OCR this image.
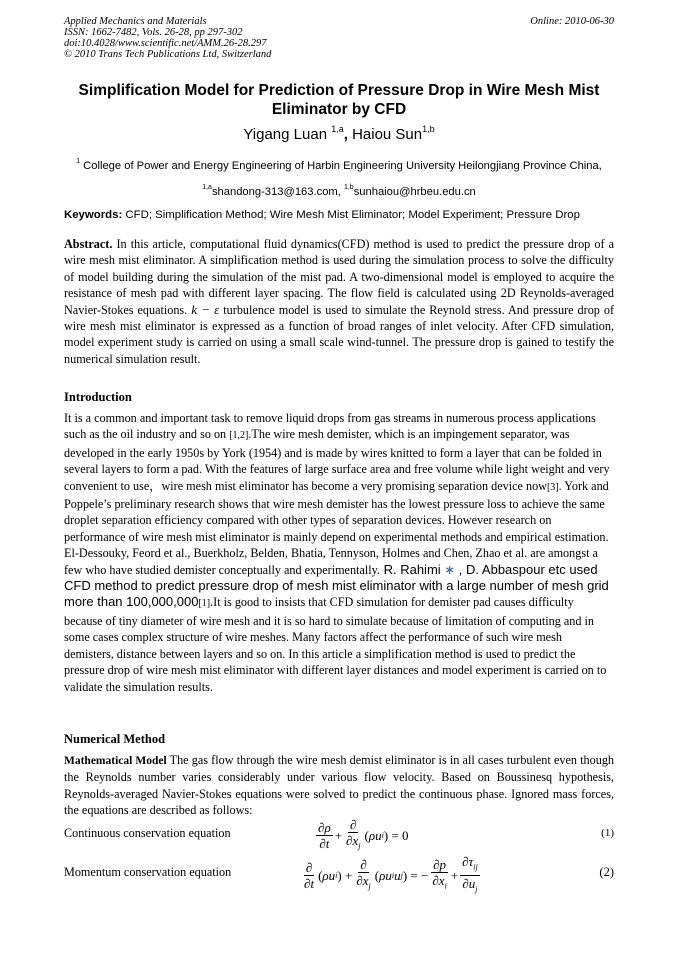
Applied Mechanics and Materials
ISSN: 1662-7482, Vols. 26-28, pp 297-302
doi:10.4028/www.scientific.net/AMM.26-28.297
© 2010 Trans Tech Publications Ltd, Switzerland
Online: 2010-06-30
Simplification Model for Prediction of Pressure Drop in Wire Mesh Mist Eliminator by CFD
Yigang Luan $^{1,a}$, Haiou Sun$^{1,b}$
$^1$ College of Power and Energy Engineering of Harbin Engineering University Heilongjiang Province China,
$^{1,a}$shandong-313@163.com, $^{1,b}$sunhaiou@hrbeu.edu.cn
Keywords: CFD; Simplification Method; Wire Mesh Mist Eliminator; Model Experiment; Pressure Drop
Abstract. In this article, computational fluid dynamics(CFD) method is used to predict the pressure drop of a wire mesh mist eliminator. A simplification method is used during the simulation process to solve the difficulty of model building during the simulation of the mist pad. A two-dimensional model is employed to acquire the resistance of mesh pad with different layer spacing. The flow field is calculated using 2D Reynolds-averaged Navier-Stokes equations. k − ε turbulence model is used to simulate the Reynold stress. And pressure drop of wire mesh mist eliminator is expressed as a function of broad ranges of inlet velocity. After CFD simulation, model experiment study is carried on using a small scale wind-tunnel. The pressure drop is gained to testify the numerical simulation result.
Introduction
It is a common and important task to remove liquid drops from gas streams in numerous process applications such as the oil industry and so on [1,2].The wire mesh demister, which is an impingement separator, was developed in the early 1950s by York (1954) and is made by wires knitted to form a layer that can be folded in several layers to form a pad. With the features of large surface area and free volume while light weight and very convenient to use，wire mesh mist eliminator has become a very promising separation device now[3]. York and Poppele’s preliminary research shows that wire mesh demister has the lowest pressure loss to achieve the same droplet separation efficiency compared with other types of separation devices. However research on performance of wire mesh mist eliminator is mainly depend on experimental methods and empirical estimation. El-Dessouky, Feord et al., Buerkholz, Belden, Bhatia, Tennyson, Holmes and Chen, Zhao et al. are amongst a few who have studied demister conceptually and experimentally. R. Rahimi ∗ , D. Abbaspour etc used CFD method to predict pressure drop of mesh mist eliminator with a large number of mesh grid more than 100,000,000[1].It is good to insists that CFD simulation for demister pad causes difficulty because of tiny diameter of wire mesh and it is so hard to simulate because of limitation of computing and in some cases complex structure of wire meshes. Many factors affect the performance of such wire mesh demisters, distance between layers and so on. In this article a simplification method is used to predict the pressure drop of wire mesh mist eliminator with different layer distances and model experiment is carried on to validate the simulation results.
Numerical Method
Mathematical Model The gas flow through the wire mesh demist eliminator is in all cases turbulent even though the Reynolds number varies considerably under various flow velocity. Based on Boussinesq hypothesis, Reynolds-averaged Navier-Stokes equations were solved to predict the continuous phase. Ignored mass forces, the equations are described as follows:
Continuous conservation equation	$\frac{\partial\rho}{\partial t} + \frac{\partial}{\partial x_j}$ ( ρu i ) = 0	(1)
Momentum conservation equation	$\frac{\partial}{\partial t}$ ( ρu i ) + $\frac{\partial}{\partial x_j}$ ( ρu i u j ) = − $\frac{\partial p}{\partial x_i} + \frac{\partial\tau_{ij}}{\partial u_j}$	(2)
